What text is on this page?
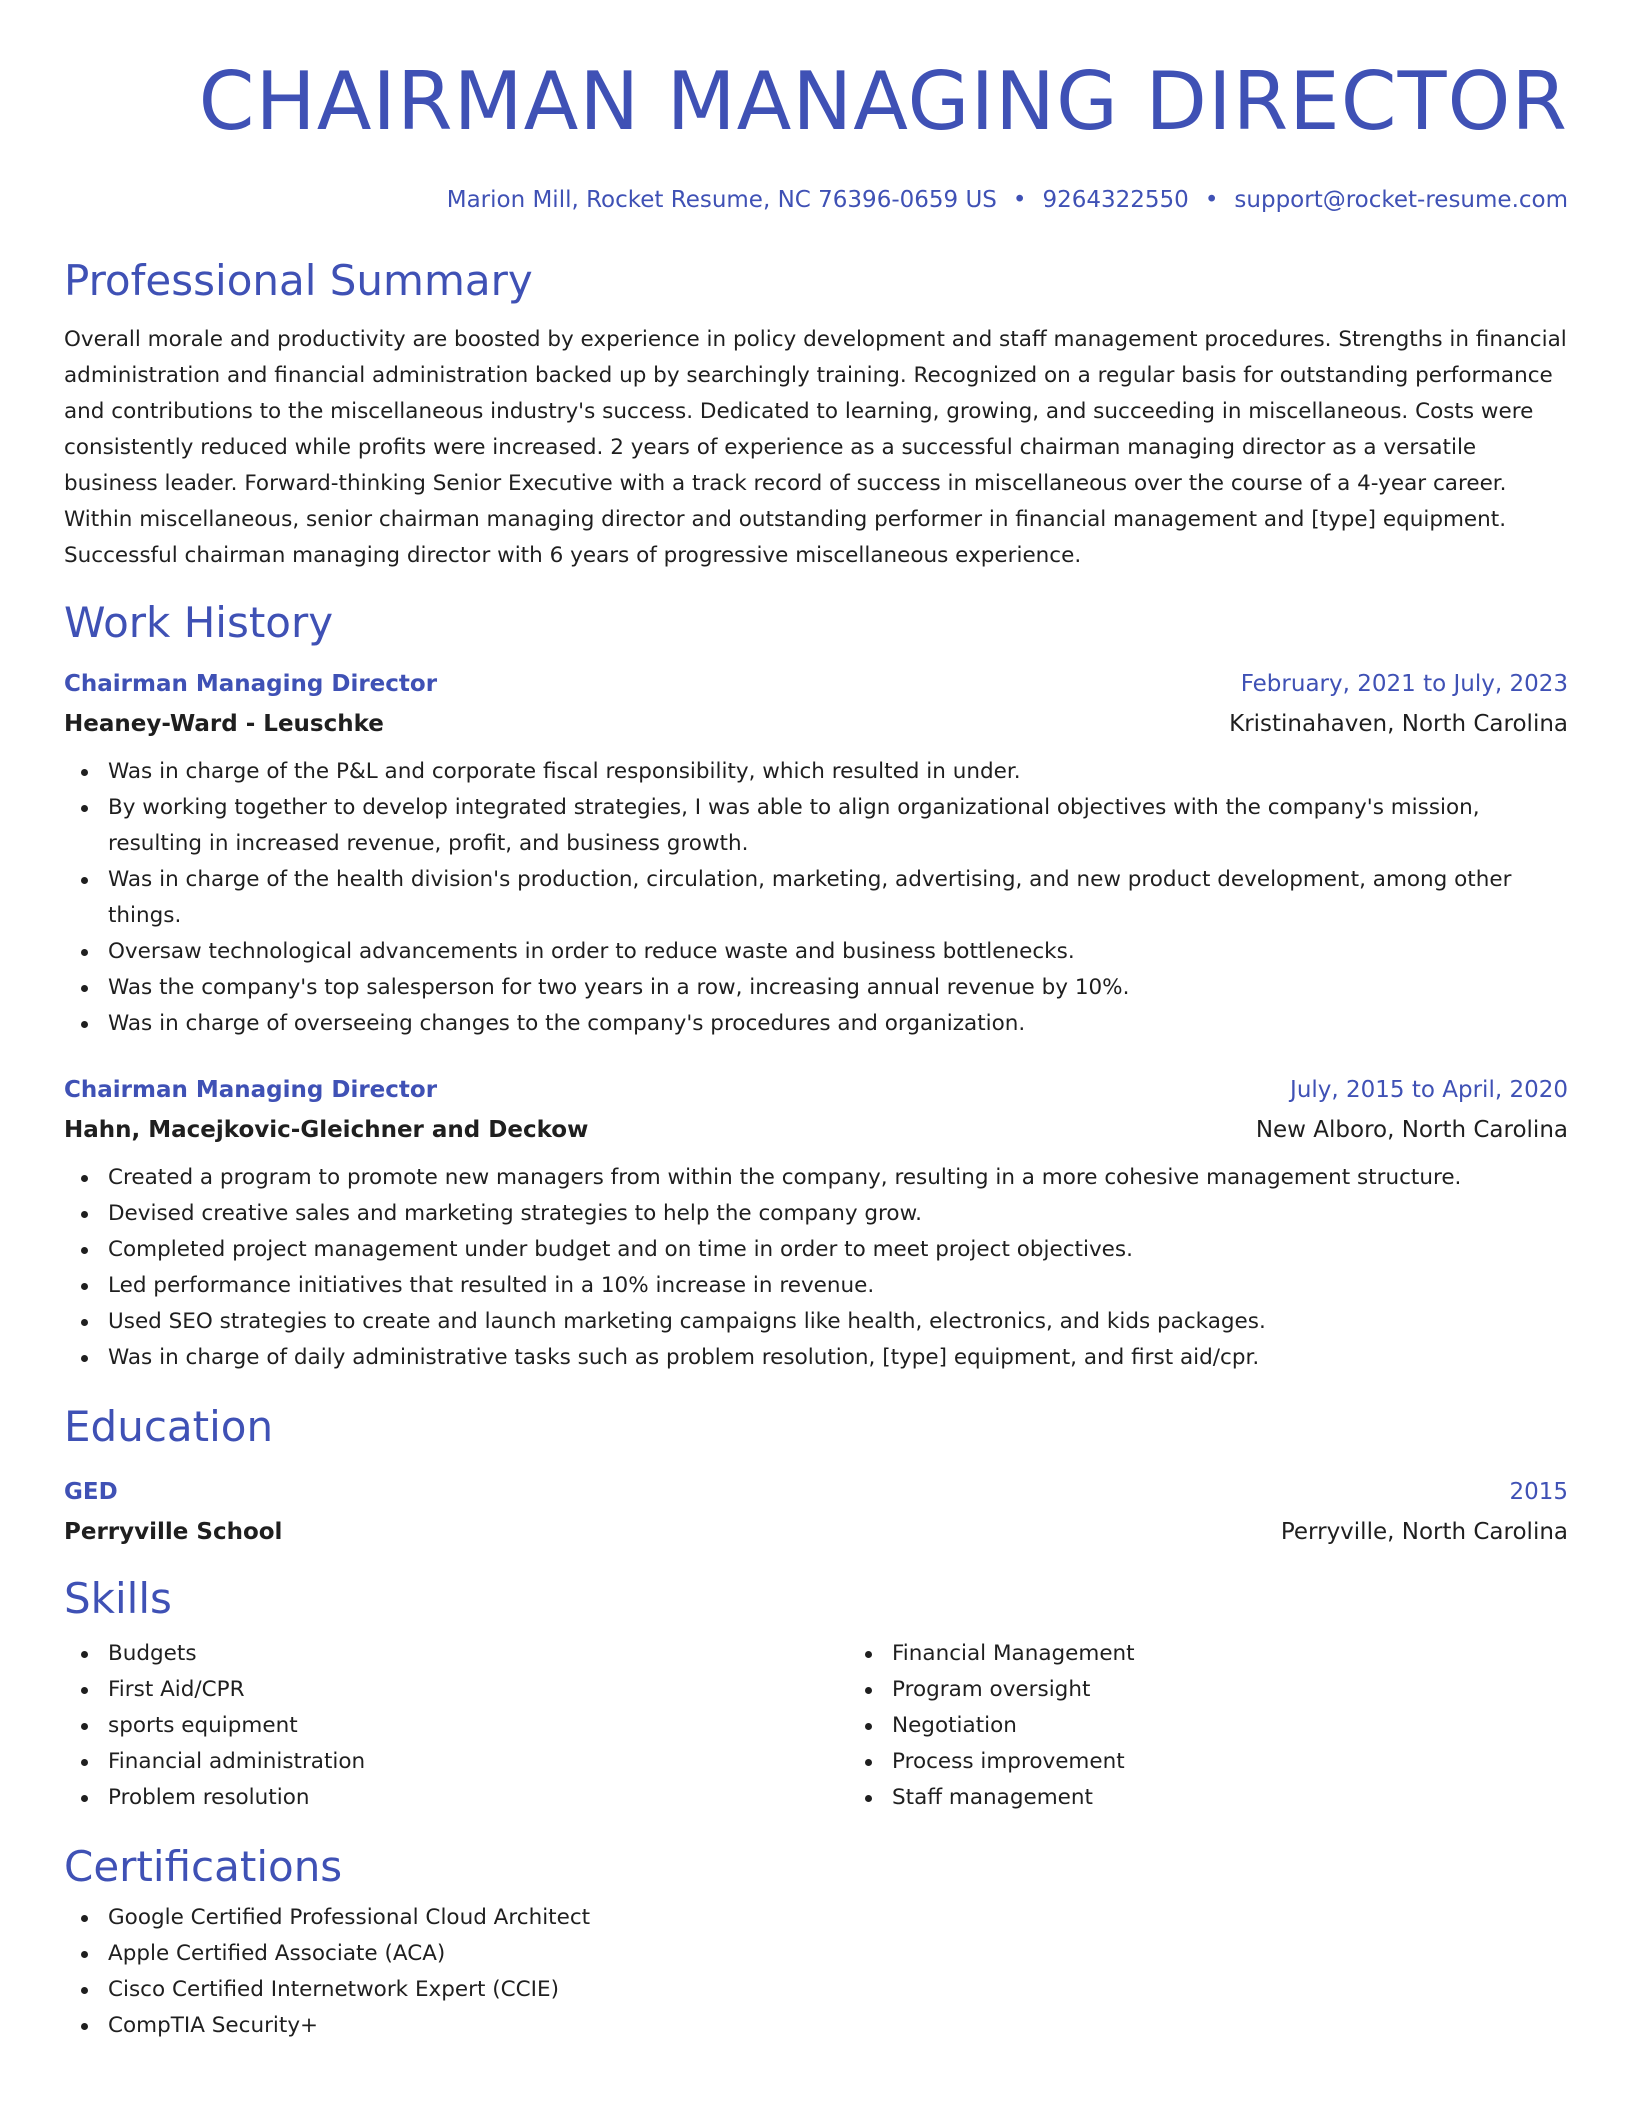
CHAIRMAN MANAGING DIRECTOR
Marion Mill, Rocket Resume, NC 76396-0659 US • 9264322550 • support@rocket-resume.com
Professional Summary
Overall morale and productivity are boosted by experience in policy development and staff management procedures. Strengths in financial administration and financial administration backed up by searchingly training. Recognized on a regular basis for outstanding performance and contributions to the miscellaneous industry's success. Dedicated to learning, growing, and succeeding in miscellaneous. Costs were consistently reduced while profits were increased. 2 years of experience as a successful chairman managing director as a versatile business leader. Forward-thinking Senior Executive with a track record of success in miscellaneous over the course of a 4-year career. Within miscellaneous, senior chairman managing director and outstanding performer in financial management and [type] equipment. Successful chairman managing director with 6 years of progressive miscellaneous experience.
Work History
Chairman Managing Director	February, 2021 to July, 2023
Heaney-Ward - Leuschke	Kristinahaven, North Carolina
Was in charge of the P&L and corporate fiscal responsibility, which resulted in under.
By working together to develop integrated strategies, I was able to align organizational objectives with the company's mission, resulting in increased revenue, profit, and business growth.
Was in charge of the health division's production, circulation, marketing, advertising, and new product development, among other things.
Oversaw technological advancements in order to reduce waste and business bottlenecks.
Was the company's top salesperson for two years in a row, increasing annual revenue by 10%.
Was in charge of overseeing changes to the company's procedures and organization.
Chairman Managing Director	July, 2015 to April, 2020
Hahn, Macejkovic-Gleichner and Deckow	New Alboro, North Carolina
Created a program to promote new managers from within the company, resulting in a more cohesive management structure.
Devised creative sales and marketing strategies to help the company grow.
Completed project management under budget and on time in order to meet project objectives.
Led performance initiatives that resulted in a 10% increase in revenue.
Used SEO strategies to create and launch marketing campaigns like health, electronics, and kids packages.
Was in charge of daily administrative tasks such as problem resolution, [type] equipment, and first aid/cpr.
Education
GED	2015
Perryville School	Perryville, North Carolina
Skills
Budgets
First Aid/CPR
sports equipment
Financial administration
Problem resolution
Financial Management
Program oversight
Negotiation
Process improvement
Staff management
Certifications
Google Certified Professional Cloud Architect
Apple Certified Associate (ACA)
Cisco Certified Internetwork Expert (CCIE)
CompTIA Security+
